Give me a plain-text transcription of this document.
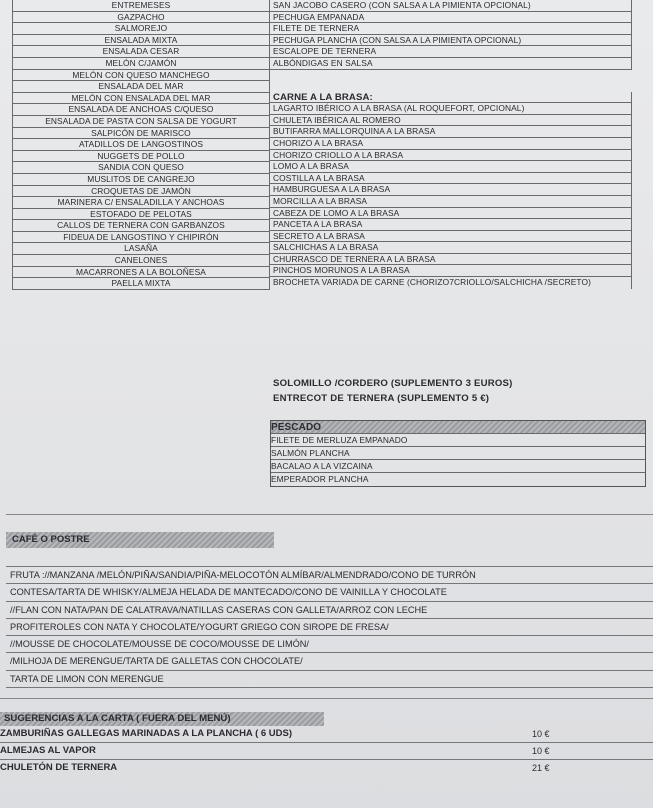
ENTREMESES
GAZPACHO
SALMOREJO
ENSALADA MIXTA
ENSALADA CESAR
MELÓN C/JAMÓN
MELÓN CON QUESO MANCHEGO
ENSALADA DEL MAR
MELÓN CON ENSALADA DEL MAR
ENSALADA DE ANCHOAS C/QUESO
ENSALADA DE PASTA CON SALSA DE YOGURT
SALPICÓN DE MARISCO
ATADILLOS DE LANGOSTINOS
NUGGETS DE POLLO
SANDIA CON QUESO
MUSLITOS DE CANGREJO
CROQUETAS DE JAMÓN
MARINERA C/ ENSALADILLA Y ANCHOAS
ESTOFADO DE PELOTAS
CALLOS DE TERNERA CON GARBANZOS
FIDEUA DE LANGOSTINO Y CHIPIRÓN
LASAÑA
CANELONES
MACARRONES A LA BOLOÑESA
PAELLA MIXTA
SAN JACOBO CASERO (CON SALSA A LA PIMIENTA OPCIONAL)
PECHUGA EMPANADA
FILETE DE TERNERA
PECHUGA PLANCHA (CON SALSA A LA PIMIENTA OPCIONAL)
ESCALOPE DE TERNERA
ALBÓNDIGAS EN SALSA
CARNE A LA BRASA:
LAGARTO IBÉRICO A LA BRASA (AL ROQUEFORT, OPCIONAL)
CHULETA IBÉRICA AL ROMERO
BUTIFARRA MALLORQUINA A LA BRASA
CHORIZO A LA BRASA
CHORIZO CRIOLLO A LA BRASA
LOMO A LA BRASA
COSTILLA A LA BRASA
HAMBURGUESA A LA BRASA
MORCILLA A LA BRASA
CABEZA DE LOMO A LA BRASA
PANCETA A LA BRASA
SECRETO A LA BRASA
SALCHICHAS A LA BRASA
CHURRASCO DE TERNERA A LA BRASA
PINCHOS MORUNOS A LA BRASA
BROCHETA VARIADA DE CARNE (CHORIZO7CRIOLLO/SALCHICHA /SECRETO)
SOLOMILLO /CORDERO (SUPLEMENTO 3 EUROS)
ENTRECOT DE TERNERA (SUPLEMENTO 5 €)
PESCADO
FILETE DE MERLUZA EMPANADO
SALMÓN PLANCHA
BACALAO A LA VIZCAINA
EMPERADOR PLANCHA
CAFÉ O POSTRE
FRUTA ://MANZANA /MELÓN/PIÑA/SANDIA/PIÑA-MELOCOTÓN ALMÍBAR/ALMENDRADO/CONO DE TURRÓN
CONTESA/TARTA DE WHISKY/ALMEJA HELADA DE MANTECADO/CONO DE VAINILLA Y CHOCOLATE
//FLAN CON NATA/PAN DE CALATRAVA/NATILLAS CASERAS CON GALLETA/ARROZ CON LECHE
PROFITEROLES CON NATA Y CHOCOLATE/YOGURT GRIEGO CON SIROPE DE FRESA/
//MOUSSE DE CHOCOLATE/MOUSSE DE COCO/MOUSSE DE LIMÓN/
/MILHOJA DE MERENGUE/TARTA DE GALLETAS CON CHOCOLATE/
TARTA DE LIMON CON MERENGUE
SUGERENCIAS A LA CARTA ( FUERA DEL MENÚ)
ZAMBURIÑAS GALLEGAS MARINADAS A LA PLANCHA ( 6 UDS)	10 €
ALMEJAS AL VAPOR	10 €
CHULETÓN DE TERNERA	21 €
